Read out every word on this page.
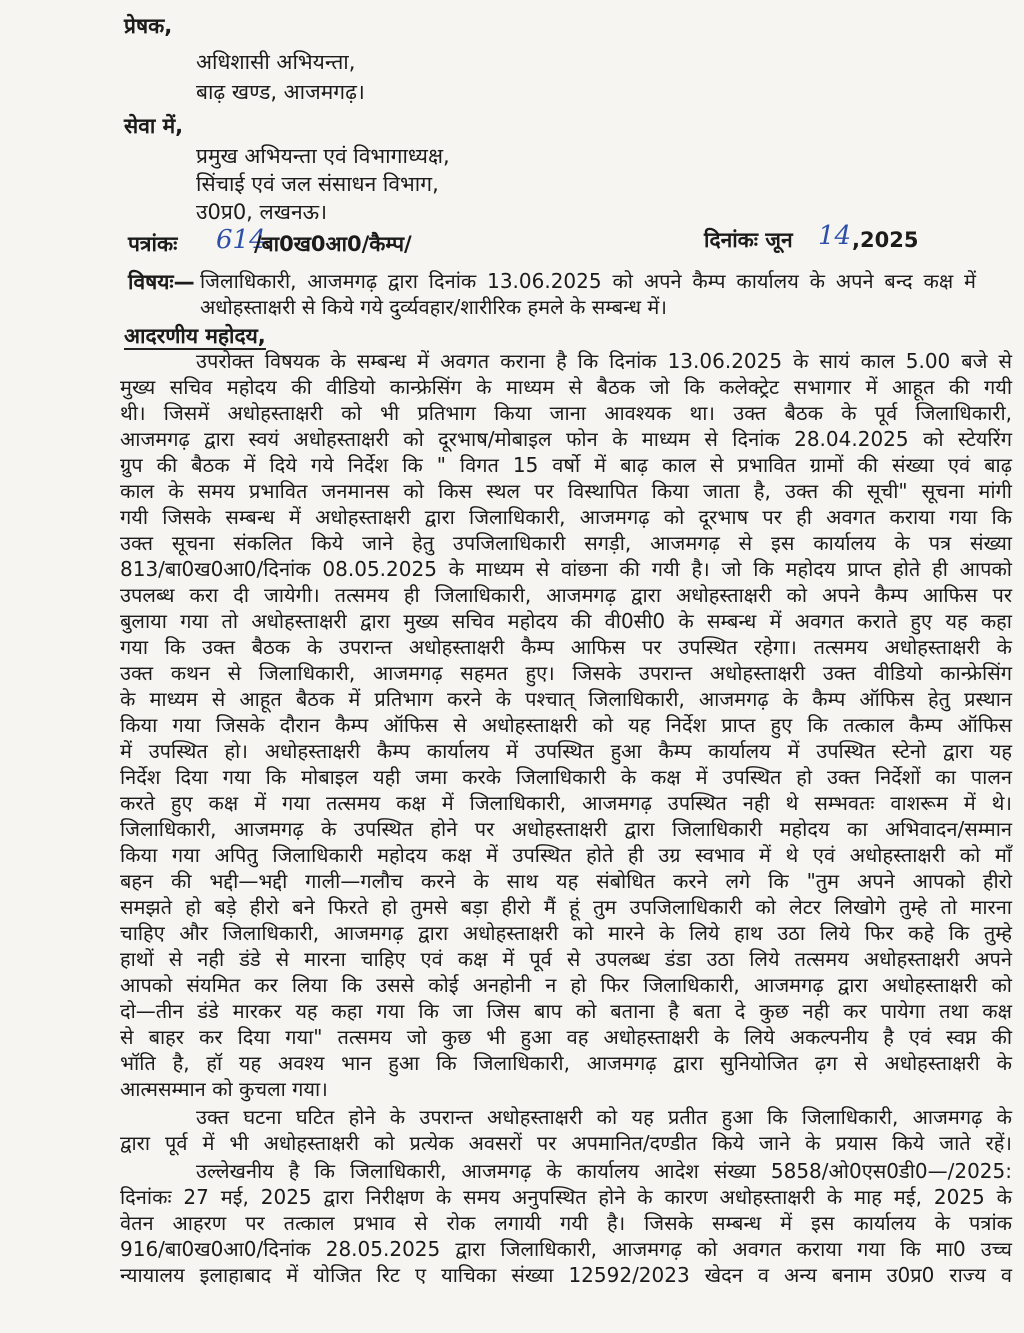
प्रेषक,
अधिशासी अभियन्ता,
बाढ़ खण्ड, आजमगढ़।
सेवा में,
प्रमुख अभियन्ता एवं विभागाध्यक्ष,
सिंचाई एवं जल संसाधन विभाग,
उ0प्र0, लखनऊ।
पत्रांकः 614
/बा0ख0आ0/कैम्प/	दिनांकः जून 14 ,2025
विषयः— जिलाधिकारी, आजमगढ़ द्वारा दिनांक 13.06.2025 को अपने कैम्प कार्यालय के अपने बन्द कक्ष में
अधोहस्ताक्षरी से किये गये दुर्व्यवहार/शारीरिक हमले के सम्बन्ध में।
आदरणीय महोदय,
उपरोक्त विषयक के सम्बन्ध में अवगत कराना है कि दिनांक 13.06.2025 के सायं काल 5.00 बजे से
मुख्य सचिव महोदय की वीडियो कान्फ्रेसिंग के माध्यम से बैठक जो कि कलेक्ट्रेट सभागार में आहूत की गयी
थी। जिसमें अधोहस्ताक्षरी को भी प्रतिभाग किया जाना आवश्यक था। उक्त बैठक के पूर्व जिलाधिकारी,
आजमगढ़ द्वारा स्वयं अधोहस्ताक्षरी को दूरभाष/मोबाइल फोन के माध्यम से दिनांक 28.04.2025 को स्टेयरिंग
ग्रुप की बैठक में दिये गये निर्देश कि " विगत 15 वर्षो में बाढ़ काल से प्रभावित ग्रामों की संख्या एवं बाढ़
काल के समय प्रभावित जनमानस को किस स्थल पर विस्थापित किया जाता है, उक्त की सूची" सूचना मांगी
गयी जिसके सम्बन्ध में अधोहस्ताक्षरी द्वारा जिलाधिकारी, आजमगढ़ को दूरभाष पर ही अवगत कराया गया कि
उक्त सूचना संकलित किये जाने हेतु उपजिलाधिकारी सगड़ी, आजमगढ़ से इस कार्यालय के पत्र संख्या
813/बा0ख0आ0/दिनांक 08.05.2025 के माध्यम से वांछना की गयी है। जो कि महोदय प्राप्त होते ही आपको
उपलब्ध करा दी जायेगी। तत्समय ही जिलाधिकारी, आजमगढ़ द्वारा अधोहस्ताक्षरी को अपने कैम्प आफिस पर
बुलाया गया तो अधोहस्ताक्षरी द्वारा मुख्य सचिव महोदय की वी0सी0 के सम्बन्ध में अवगत कराते हुए यह कहा
गया कि उक्त बैठक के उपरान्त अधोहस्ताक्षरी कैम्प आफिस पर उपस्थित रहेगा। तत्समय अधोहस्ताक्षरी के
उक्त कथन से जिलाधिकारी, आजमगढ़ सहमत हुए। जिसके उपरान्त अधोहस्ताक्षरी उक्त वीडियो कान्फ्रेसिंग
के माध्यम से आहूत बैठक में प्रतिभाग करने के पश्चात् जिलाधिकारी, आजमगढ़ के कैम्प ऑफिस हेतु प्रस्थान
किया गया जिसके दौरान कैम्प ऑफिस से अधोहस्ताक्षरी को यह निर्देश प्राप्त हुए कि तत्काल कैम्प ऑफिस
में उपस्थित हो। अधोहस्ताक्षरी कैम्प कार्यालय में उपस्थित हुआ कैम्प कार्यालय में उपस्थित स्टेनो द्वारा यह
निर्देश दिया गया कि मोबाइल यही जमा करके जिलाधिकारी के कक्ष में उपस्थित हो उक्त निर्देशों का पालन
करते हुए कक्ष में गया तत्समय कक्ष में जिलाधिकारी, आजमगढ़ उपस्थित नही थे सम्भवतः वाशरूम में थे।
जिलाधिकारी, आजमगढ़ के उपस्थित होने पर अधोहस्ताक्षरी द्वारा जिलाधिकारी महोदय का अभिवादन/सम्मान
किया गया अपितु जिलाधिकारी महोदय कक्ष में उपस्थित होते ही उग्र स्वभाव में थे एवं अधोहस्ताक्षरी को माँ
बहन की भद्दी—भद्दी गाली—गलौच करने के साथ यह संबोधित करने लगे कि "तुम अपने आपको हीरो
समझते हो बड़े हीरो बने फिरते हो तुमसे बड़ा हीरो मैं हूं तुम उपजिलाधिकारी को लेटर लिखोगे तुम्हे तो मारना
चाहिए और जिलाधिकारी, आजमगढ़ द्वारा अधोहस्ताक्षरी को मारने के लिये हाथ उठा लिये फिर कहे कि तुम्हे
हाथों से नही डंडे से मारना चाहिए एवं कक्ष में पूर्व से उपलब्ध डंडा उठा लिये तत्समय अधोहस्ताक्षरी अपने
आपको संयमित कर लिया कि उससे कोई अनहोनी न हो फिर जिलाधिकारी, आजमगढ़ द्वारा अधोहस्ताक्षरी को
दो—तीन डंडे मारकर यह कहा गया कि जा जिस बाप को बताना है बता दे कुछ नही कर पायेगा तथा कक्ष
से बाहर कर दिया गया" तत्समय जो कुछ भी हुआ वह अधोहस्ताक्षरी के लिये अकल्पनीय है एवं स्वप्न की
भॉति है, हॉ यह अवश्य भान हुआ कि जिलाधिकारी, आजमगढ़ द्वारा सुनियोजित ढ़ग से अधोहस्ताक्षरी के
आत्मसम्मान को कुचला गया।
उक्त घटना घटित होने के उपरान्त अधोहस्ताक्षरी को यह प्रतीत हुआ कि जिलाधिकारी, आजमगढ़ के
द्वारा पूर्व में भी अधोहस्ताक्षरी को प्रत्येक अवसरों पर अपमानित/दण्डीत किये जाने के प्रयास किये जाते रहें।
उल्लेखनीय है कि जिलाधिकारी, आजमगढ़ के कार्यालय आदेश संख्या 5858/ओ0एस0डी0—/2025:
दिनांकः 27 मई, 2025 द्वारा निरीक्षण के समय अनुपस्थित होने के कारण अधोहस्ताक्षरी के माह मई, 2025 के
वेतन आहरण पर तत्काल प्रभाव से रोक लगायी गयी है। जिसके सम्बन्ध में इस कार्यालय के पत्रांक
916/बा0ख0आ0/दिनांक 28.05.2025 द्वारा जिलाधिकारी, आजमगढ़ को अवगत कराया गया कि मा0 उच्च
न्यायालय इलाहाबाद में योजित रिट ए याचिका संख्या 12592/2023 खेदन व अन्य बनाम उ0प्र0 राज्य व
